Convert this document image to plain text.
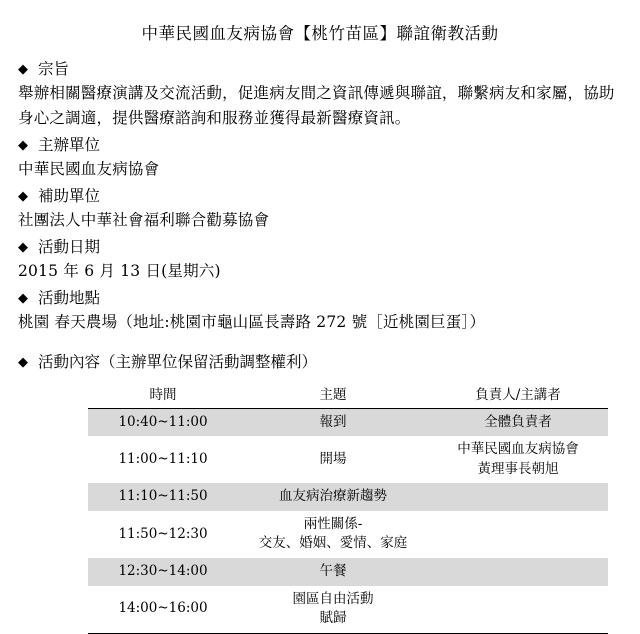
中華民國血友病協會【桃竹苗區】聯誼衛教活動
◆ 宗旨
舉辦相關醫療演講及交流活動，促進病友間之資訊傳遞與聯誼，聯繫病友和家屬，協助身心之調適，提供醫療諮詢和服務並獲得最新醫療資訊。
◆ 主辦單位
中華民國血友病協會
◆ 補助單位
社團法人中華社會福利聯合勸募協會
◆ 活動日期
2015 年 6 月 13 日(星期六)
◆ 活動地點
桃園 春天農場（地址:桃園市龜山區長壽路 272 號［近桃園巨蛋］）
◆ 活動內容（主辦單位保留活動調整權利）
時間	主題	負責人/主講者
10:40~11:00	報到	全體負責者
11:00~11:10	開場	中華民國血友病協會
黃理事長朝旭

11:10~11:50	血友病治療新趨勢	
11:50~12:30	兩性關係-
交友、婚姻、愛情、家庭	

12:30~14:00	午餐	
14:00~16:00	園區自由活動
賦歸	
